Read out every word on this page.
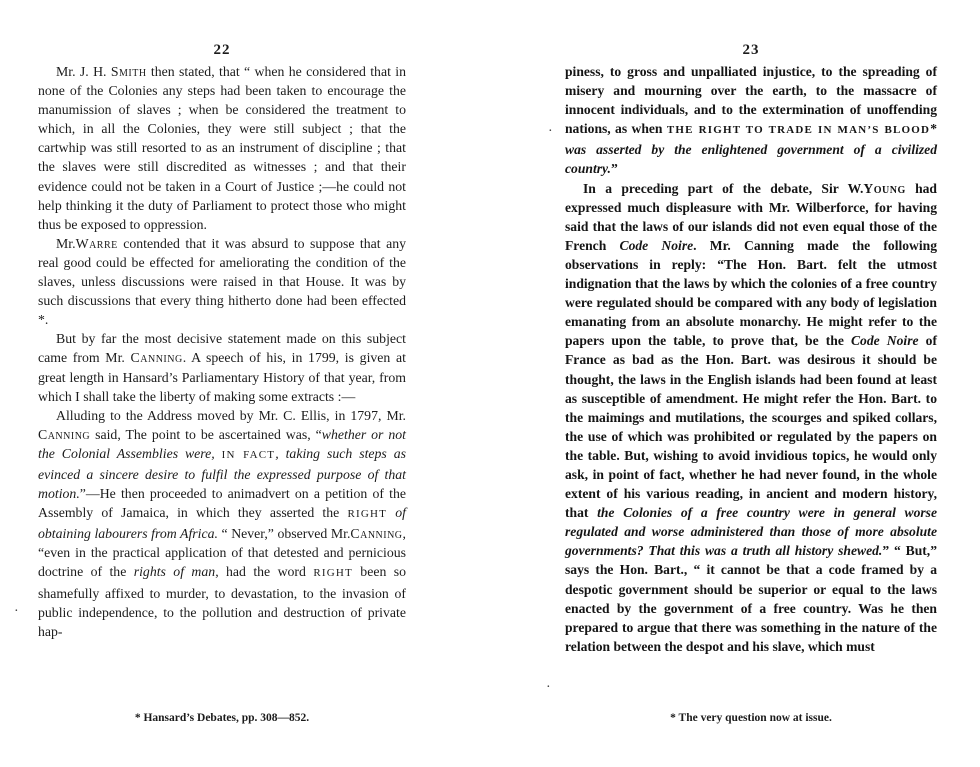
22

Mr. J. H. Smith then stated, that “ when he considered that in none of the Colonies any steps had been taken to encourage the manumission of slaves ; when be considered the treatment to which, in all the Colonies, they were still subject ; that the cartwhip was still resorted to as an instrument of discipline ; that the slaves were still discredited as witnesses ; and that their evidence could not be taken in a Court of Justice ;—he could not help thinking it the duty of Parliament to protect those who might thus be exposed to oppression.

Mr.Warre contended that it was absurd to suppose that any real good could be effected for ameliorating the condition of the slaves, unless discussions were raised in that House. It was by such discussions that every thing hitherto done had been effected *.

But by far the most decisive statement made on this subject came from Mr. Canning. A speech of his, in 1799, is given at great length in Hansard’s Parliamentary History of that year, from which I shall take the liberty of making some extracts :—

Alluding to the Address moved by Mr. C. Ellis, in 1797, Mr. Canning said, The point to be ascertained was, “whether or not the Colonial Assemblies were, IN FACT, taking such steps as evinced a sincere desire to fulfil the expressed purpose of that motion.”—He then proceeded to animadvert on a petition of the Assembly of Jamaica, in which they asserted the RIGHT of obtaining labourers from Africa. “ Never,” observed Mr.Canning, “even in the practical application of that detested and pernicious doctrine of the rights of man, had the word RIGHT been so shamefully affixed to murder, to devastation, to the invasion of public independence, to the pollution and destruction of private hap-

* Hansard’s Debates, pp. 308—852.
·
·
·
23

piness, to gross and unpalliated injustice, to the spreading of misery and mourning over the earth, to the massacre of innocent individuals, and to the extermination of unoffending nations, as when THE RIGHT TO TRADE IN MAN’S BLOOD* was asserted by the enlightened government of a civilized country.”

In a preceding part of the debate, Sir W.Young had expressed much displeasure with Mr. Wilberforce, for having said that the laws of our islands did not even equal those of the French Code Noire. Mr. Canning made the following observations in reply: “The Hon. Bart. felt the utmost indignation that the laws by which the colonies of a free country were regulated should be compared with any body of legislation emanating from an absolute monarchy. He might refer to the papers upon the table, to prove that, be the Code Noire of France as bad as the Hon. Bart. was desirous it should be thought, the laws in the English islands had been found at least as susceptible of amendment. He might refer the Hon. Bart. to the maimings and mutilations, the scourges and spiked collars, the use of which was prohibited or regulated by the papers on the table. But, wishing to avoid invidious topics, he would only ask, in point of fact, whether he had never found, in the whole extent of his various reading, in ancient and modern history, that the Colonies of a free country were in general worse regulated and worse administered than those of more absolute governments? That this was a truth all history shewed.” “ But,” says the Hon. Bart., “ it cannot be that a code framed by a despotic government should be superior or equal to the laws enacted by the government of a free country. Was he then prepared to argue that there was something in the nature of the relation between the despot and his slave, which must

* The very question now at issue.
